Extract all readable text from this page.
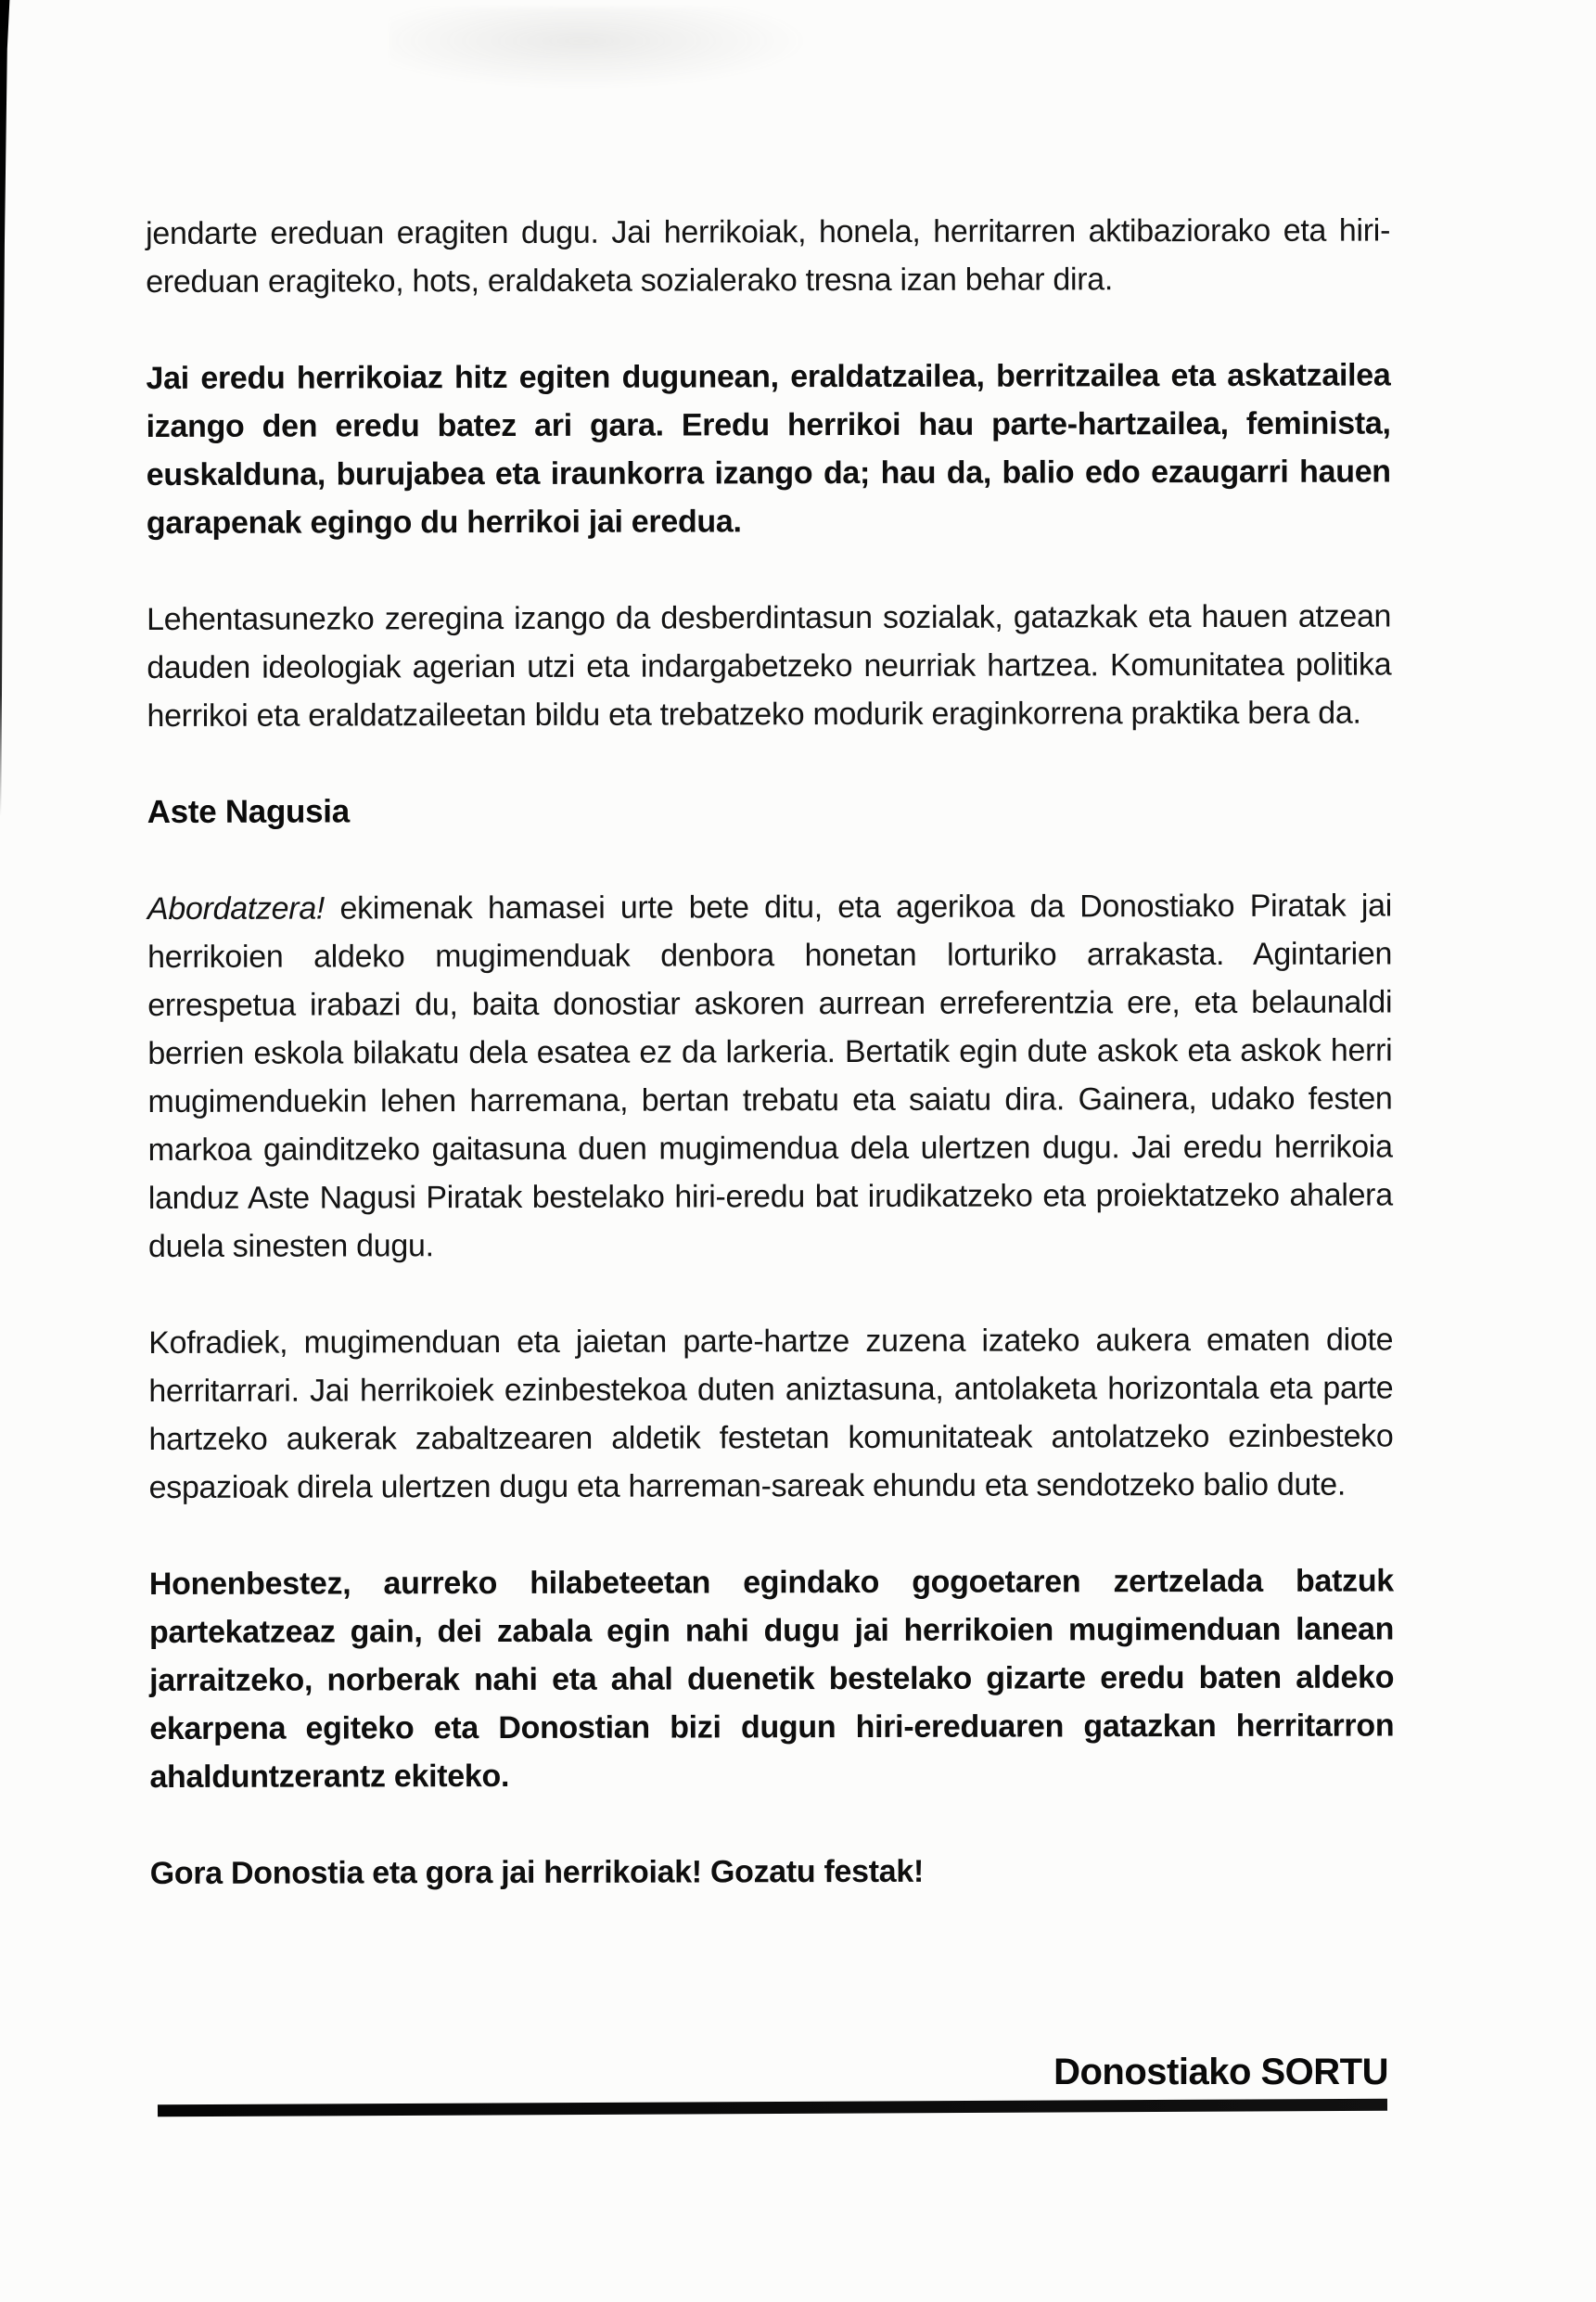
jendarte ereduan eragiten dugu. Jai herrikoiak, honela, herritarren aktibaziorako eta hiri-ereduan eragiteko, hots, eraldaketa sozialerako tresna izan behar dira.

Jai eredu herrikoiaz hitz egiten dugunean, eraldatzailea, berritzailea eta askatzailea izango den eredu batez ari gara. Eredu herrikoi hau parte-hartzailea, feminista, euskalduna, burujabea eta iraunkorra izango da; hau da, balio edo ezaugarri hauen garapenak egingo du herrikoi jai eredua.

Lehentasunezko zeregina izango da desberdintasun sozialak, gatazkak eta hauen atzean dauden ideologiak agerian utzi eta indargabetzeko neurriak hartzea. Komunitatea politika herrikoi eta eraldatzaileetan bildu eta trebatzeko modurik eraginkorrena praktika bera da.

Aste Nagusia

Abordatzera! ekimenak hamasei urte bete ditu, eta agerikoa da Donostiako Piratak jai herrikoien aldeko mugimenduak denbora honetan lorturiko arrakasta. Agintarien errespetua irabazi du, baita donostiar askoren aurrean erreferentzia ere, eta belaunaldi berrien eskola bilakatu dela esatea ez da larkeria. Bertatik egin dute askok eta askok herri mugimenduekin lehen harremana, bertan trebatu eta saiatu dira. Gainera, udako festen markoa gainditzeko gaitasuna duen mugimendua dela ulertzen dugu. Jai eredu herrikoia landuz Aste Nagusi Piratak bestelako hiri-eredu bat irudikatzeko eta proiektatzeko ahalera duela sinesten dugu.

Kofradiek, mugimenduan eta jaietan parte-hartze zuzena izateko aukera ematen diote herritarrari. Jai herrikoiek ezinbestekoa duten aniztasuna, antolaketa horizontala eta parte hartzeko aukerak zabaltzearen aldetik festetan komunitateak antolatzeko ezinbesteko espazioak direla ulertzen dugu eta harreman-sareak ehundu eta sendotzeko balio dute.

Honenbestez, aurreko hilabeteetan egindako gogoetaren zertzelada batzuk partekatzeaz gain, dei zabala egin nahi dugu jai herrikoien mugimenduan lanean jarraitzeko, norberak nahi eta ahal duenetik bestelako gizarte eredu baten aldeko ekarpena egiteko eta Donostian bizi dugun hiri-ereduaren gatazkan herritarron ahalduntzerantz ekiteko.

Gora Donostia eta gora jai herrikoiak! Gozatu festak!

Donostiako SORTU
